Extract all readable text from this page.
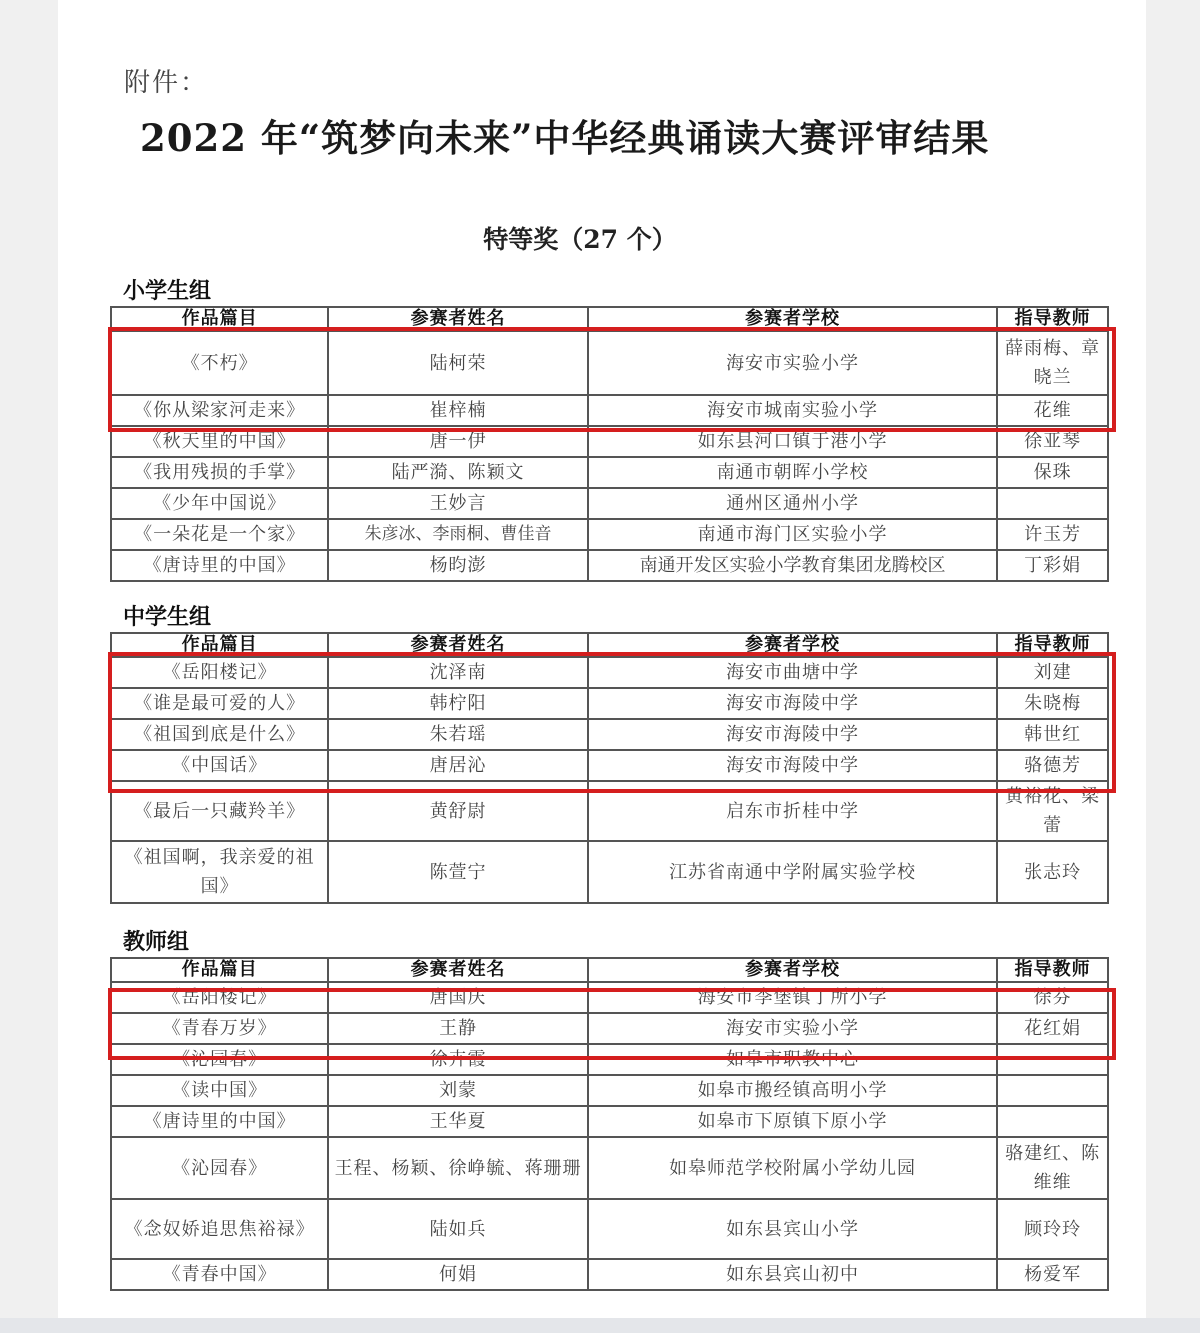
附件：
2022 年“筑梦向未来”中华经典诵读大赛评审结果
特等奖（27 个）
小学生组
作品篇目	参赛者姓名	参赛者学校	指导教师
《不朽》	陆柯荣	海安市实验小学	薛雨梅、章晓兰
《你从梁家河走来》	崔梓楠	海安市城南实验小学	花维
《秋天里的中国》	唐一伊	如东县河口镇于港小学	徐亚琴
《我用残损的手掌》	陆严漪、陈颖文	南通市朝晖小学校	保珠
《少年中国说》	王妙言	通州区通州小学	
《一朵花是一个家》	朱彦冰、李雨桐、曹佳音	南通市海门区实验小学	许玉芳
《唐诗里的中国》	杨昀澎	南通开发区实验小学教育集团龙腾校区	丁彩娟
中学生组
作品篇目	参赛者姓名	参赛者学校	指导教师
《岳阳楼记》	沈泽南	海安市曲塘中学	刘建
《谁是最可爱的人》	韩柠阳	海安市海陵中学	朱晓梅
《祖国到底是什么》	朱若瑶	海安市海陵中学	韩世红
《中国话》	唐居沁	海安市海陵中学	骆德芳
《最后一只藏羚羊》	黄舒尉	启东市折桂中学	黄裕花、梁蕾
《祖国啊，我亲爱的祖国》	陈萱宁	江苏省南通中学附属实验学校	张志玲
教师组
作品篇目	参赛者姓名	参赛者学校	指导教师
《岳阳楼记》	唐国庆	海安市李堡镇丁所小学	徐芬
《青春万岁》	王静	海安市实验小学	花红娟
《沁园春》	徐卉霞	如皋市职教中心	
《读中国》	刘蒙	如皋市搬经镇高明小学	
《唐诗里的中国》	王华夏	如皋市下原镇下原小学	
《沁园春》	王程、杨颖、徐峥毓、蒋珊珊	如皋师范学校附属小学幼儿园	骆建红、陈维维
《念奴娇追思焦裕禄》	陆如兵	如东县宾山小学	顾玲玲
《青春中国》	何娟	如东县宾山初中	杨爱军
